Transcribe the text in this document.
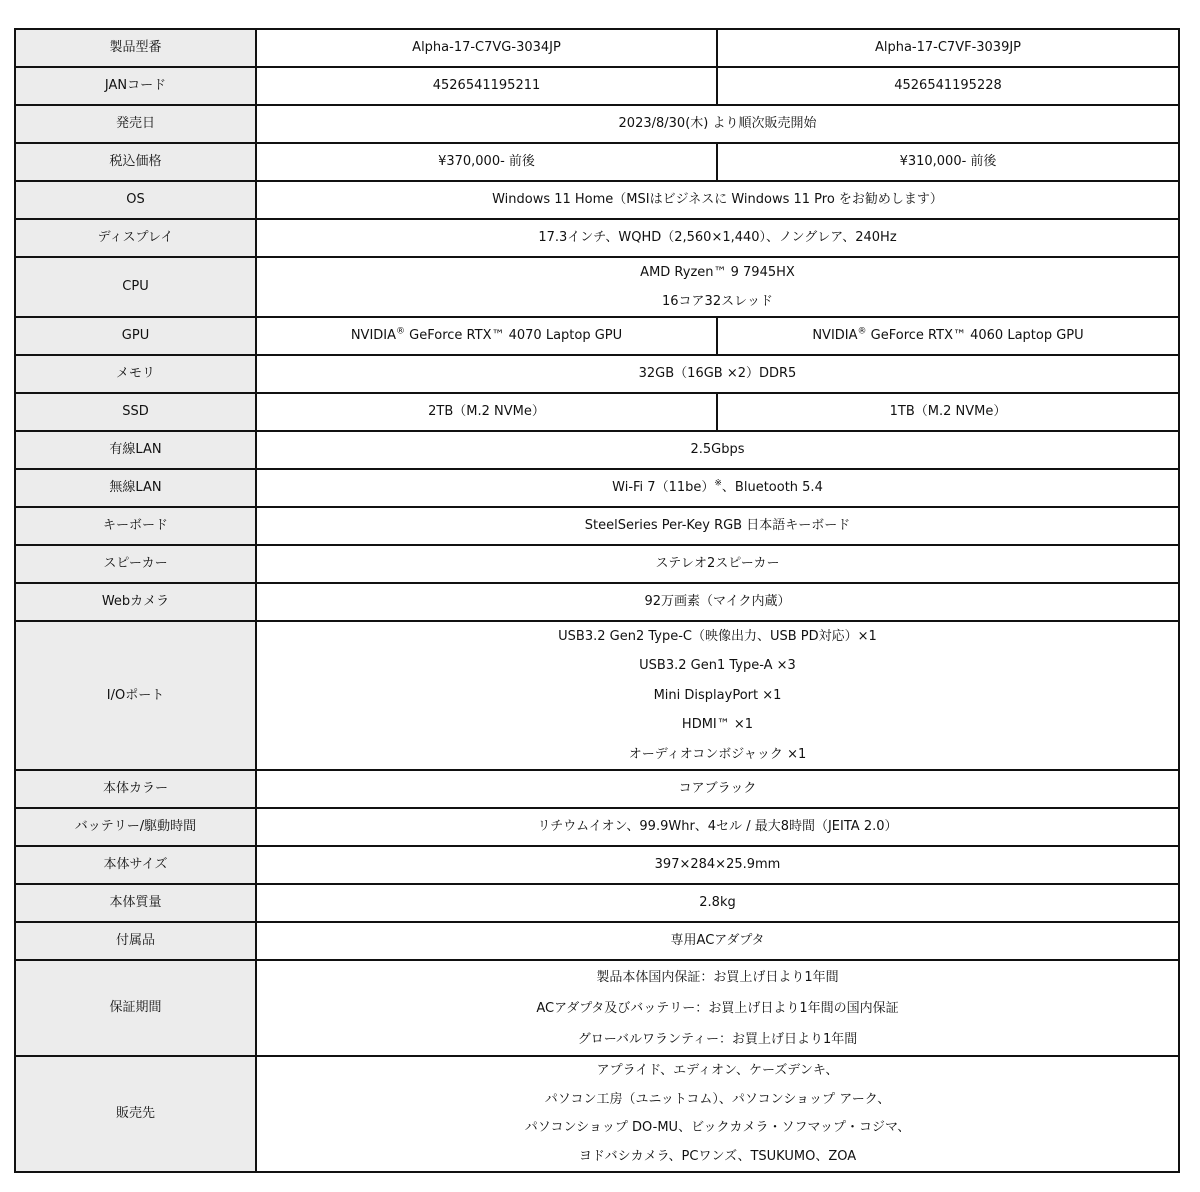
製品型番	Alpha-17-C7VG-3034JP	Alpha-17-C7VF-3039JP
JANコード	4526541195211	4526541195228
発売日	2023/8/30(木) より順次販売開始	
税込価格	¥370,000- 前後	¥310,000- 前後
OS	Windows 11 Home（MSIはビジネスに Windows 11 Pro をお勧めします）	
ディスプレイ	17.3インチ、WQHD（2,560×1,440）、ノングレア、240Hz	
CPU	AMD Ryzen™ 9 7945HX
16コア32スレッド	

GPU	NVIDIA® GeForce RTX™ 4070 Laptop GPU	NVIDIA® GeForce RTX™ 4060 Laptop GPU
メモリ	32GB（16GB ×2）DDR5	
SSD	2TB（M.2 NVMe）	1TB（M.2 NVMe）
有線LAN	2.5Gbps	
無線LAN	Wi-Fi 7（11be）※、Bluetooth 5.4	
キーボード	SteelSeries Per-Key RGB 日本語キーボード	
スピーカー	ステレオ2スピーカー	
Webカメラ	92万画素（マイク内蔵）	
I/Oポート	USB3.2 Gen2 Type-C（映像出力、USB PD対応）×1
USB3.2 Gen1 Type-A ×3
Mini DisplayPort ×1
HDMI™ ×1
オーディオコンボジャック ×1	

本体カラー	コアブラック	
バッテリー/駆動時間	リチウムイオン、99.9Whr、4セル / 最大8時間（JEITA 2.0）	
本体サイズ	397×284×25.9mm	
本体質量	2.8kg	
付属品	専用ACアダプタ	
保証期間	製品本体国内保証：お買上げ日より1年間
ACアダプタ及びバッテリー：お買上げ日より1年間の国内保証
グローバルワランティー：お買上げ日より1年間	

販売先	アプライド、エディオン、ケーズデンキ、
パソコン工房（ユニットコム）、パソコンショップ アーク、
パソコンショップ DO-MU、ビックカメラ・ソフマップ・コジマ、
ヨドバシカメラ、PCワンズ、TSUKUMO、ZOA	
